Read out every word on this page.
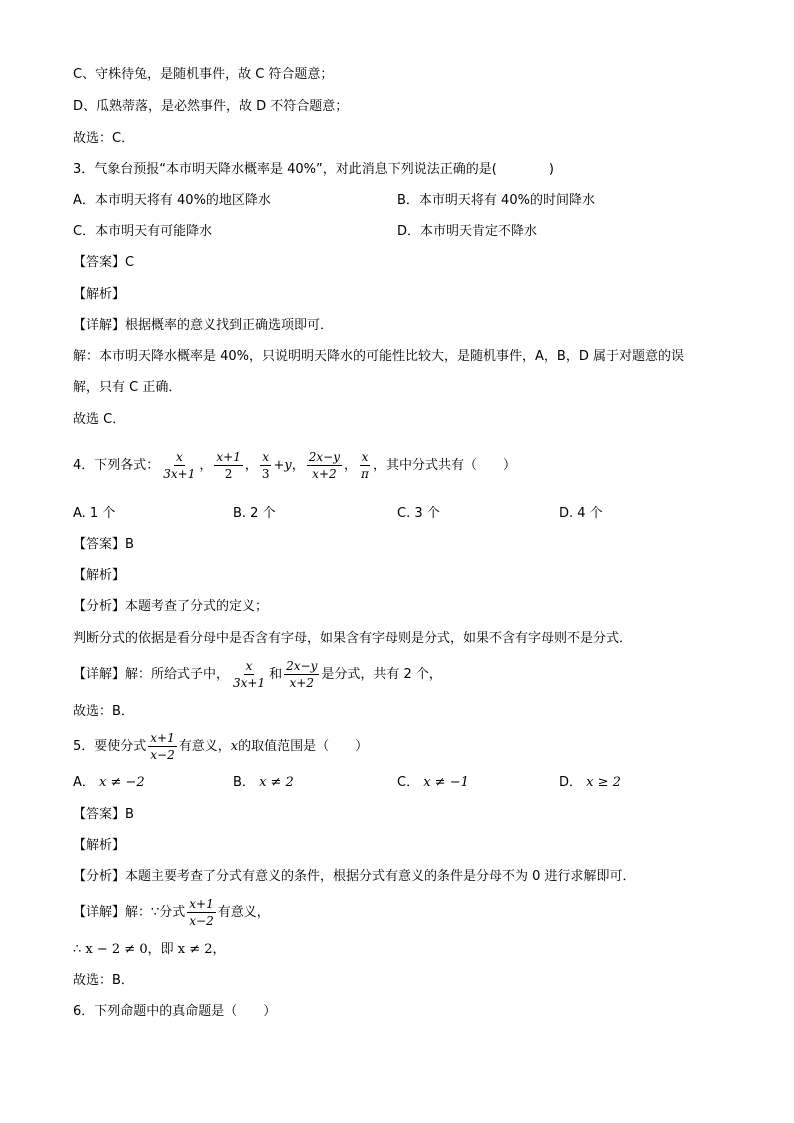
C、守株待兔，是随机事件，故 C 符合题意；
D、瓜熟蒂落，是必然事件，故 D 不符合题意；
故选：C．
3．气象台预报“本市明天降水概率是 40%”，对此消息下列说法正确的是(　　　　)
A．本市明天将有 40%的地区降水	B．本市明天将有 40%的时间降水
C．本市明天有可能降水	D．本市明天肯定不降水
【答案】C
【解析】
【详解】根据概率的意义找到正确选项即可．
解：本市明天降水概率是 40%，只说明明天降水的可能性比较大，是随机事件，A，B，D 属于对题意的误
解，只有 C 正确．
故选 C．
4．下列各式： $\frac{x}{3x+1}$ ， $\frac{x+1}{2}$ ， $\frac{x}{3} +y$， $\frac{2x-y}{x+2}$ ， $\frac{x}{\pi}$ ，其中分式共有（　　）
A. 1 个	B. 2 个	C. 3 个	D. 4 个
【答案】B
【解析】
【分析】本题考查了分式的定义；
判断分式的依据是看分母中是否含有字母，如果含有字母则是分式，如果不含有字母则不是分式．
【详解】解：所给式子中， $\frac{x}{3x+1}$ 和 $\frac{2x-y}{x+2}$ 是分式，共有 2 个，
故选：B．
5．要使分式 $\frac{x+1}{x-2}$ 有意义，x的取值范围是（　　）
A． x ≠ −2	B． x ≠ 2	C． x ≠ −1	D． x ≥ 2
【答案】B
【解析】
【分析】本题主要考查了分式有意义的条件，根据分式有意义的条件是分母不为 0 进行求解即可．
【详解】解：∵分式 $\frac{x+1}{x-2}$ 有意义，
∴ x − 2 ≠ 0，即 x ≠ 2，
故选：B．
6．下列命题中的真命题是（　　）
